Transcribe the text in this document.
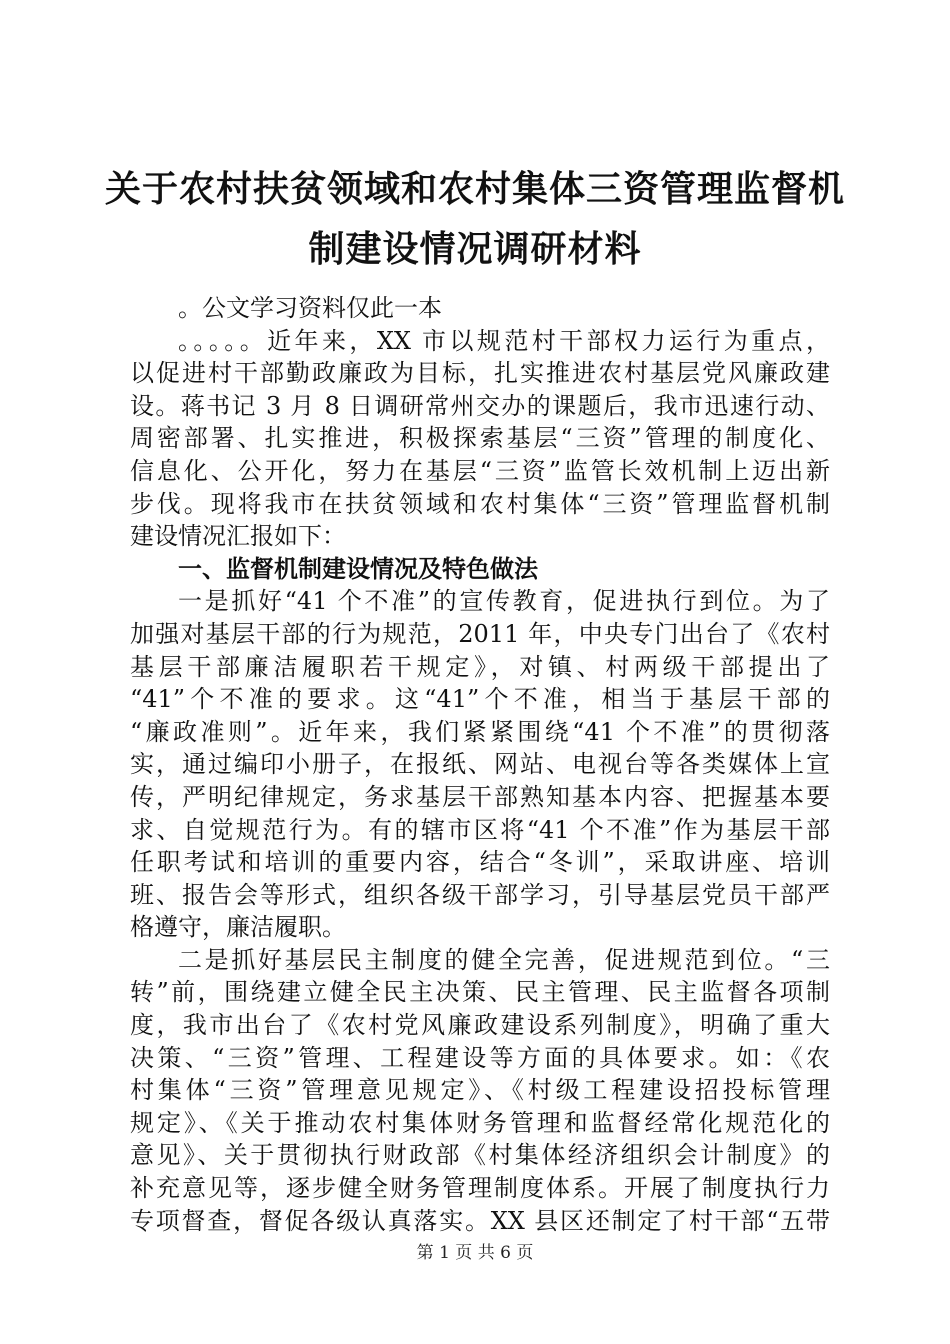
关于农村扶贫领域和农村集体三资管理监督机
制建设情况调研材料
。公文学习资料仅此一本
。。。。。近年来，XX 市以规范村干部权力运行为重点，
以促进村干部勤政廉政为目标，扎实推进农村基层党风廉政建
设。蒋书记 3 月 8 日调研常州交办的课题后，我市迅速行动、
周密部署、扎实推进，积极探索基层“三资”管理的制度化、
信息化、公开化，努力在基层“三资”监管长效机制上迈出新
步伐。现将我市在扶贫领域和农村集体“三资”管理监督机制
建设情况汇报如下：
一、监督机制建设情况及特色做法
一是抓好“41 个不准”的宣传教育，促进执行到位。为了
加强对基层干部的行为规范，2011 年，中央专门出台了《农村
基层干部廉洁履职若干规定》，对镇、村两级干部提出了
“41”个不准的要求。这“41”个不准，相当于基层干部的
“廉政准则”。近年来，我们紧紧围绕“41 个不准”的贯彻落
实，通过编印小册子，在报纸、网站、电视台等各类媒体上宣
传，严明纪律规定，务求基层干部熟知基本内容、把握基本要
求、自觉规范行为。有的辖市区将“41 个不准”作为基层干部
任职考试和培训的重要内容，结合“冬训”，采取讲座、培训
班、报告会等形式，组织各级干部学习，引导基层党员干部严
格遵守，廉洁履职。
二是抓好基层民主制度的健全完善，促进规范到位。“三
转”前，围绕建立健全民主决策、民主管理、民主监督各项制
度，我市出台了《农村党风廉政建设系列制度》，明确了重大
决策、“三资”管理、工程建设等方面的具体要求。如：《农
村集体“三资”管理意见规定》、《村级工程建设招投标管理
规定》、《关于推动农村集体财务管理和监督经常化规范化的
意见》、关于贯彻执行财政部《村集体经济组织会计制度》的
补充意见等，逐步健全财务管理制度体系。开展了制度执行力
专项督查，督促各级认真落实。XX 县区还制定了村干部“五带
第 1 页 共 6 页
